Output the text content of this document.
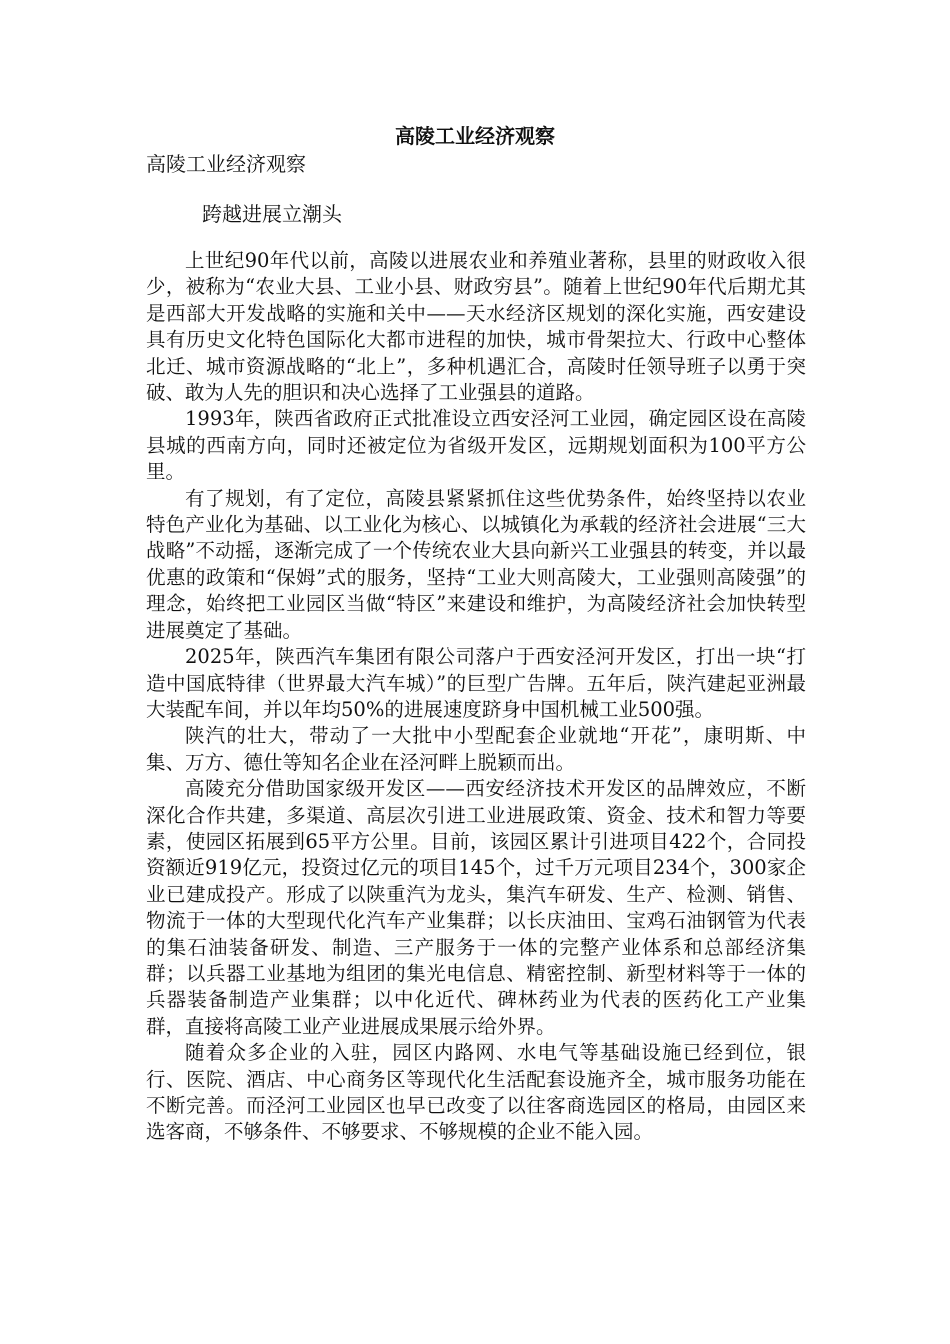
高陵工业经济观察

高陵工业经济观察

跨越进展立潮头

上世纪90年代以前，高陵以进展农业和养殖业著称，县里的财政收入很少，被称为“农业大县、工业小县、财政穷县”。随着上世纪90年代后期尤其是西部大开发战略的实施和关中——天水经济区规划的深化实施，西安建设具有历史文化特色国际化大都市进程的加快，城市骨架拉大、行政中心整体北迁、城市资源战略的“北上”，多种机遇汇合，高陵时任领导班子以勇于突破、敢为人先的胆识和决心选择了工业强县的道路。

1993年，陕西省政府正式批准设立西安泾河工业园，确定园区设在高陵县城的西南方向，同时还被定位为省级开发区，远期规划面积为100平方公里。

有了规划，有了定位，高陵县紧紧抓住这些优势条件，始终坚持以农业特色产业化为基础、以工业化为核心、以城镇化为承载的经济社会进展“三大战略”不动摇，逐渐完成了一个传统农业大县向新兴工业强县的转变，并以最优惠的政策和“保姆”式的服务，坚持“工业大则高陵大，工业强则高陵强”的理念，始终把工业园区当做“特区”来建设和维护，为高陵经济社会加快转型进展奠定了基础。

2025年，陕西汽车集团有限公司落户于西安泾河开发区，打出一块“打造中国底特律（世界最大汽车城）”的巨型广告牌。五年后，陕汽建起亚洲最大装配车间，并以年均50%的进展速度跻身中国机械工业500强。

陕汽的壮大，带动了一大批中小型配套企业就地“开花”，康明斯、中集、万方、德仕等知名企业在泾河畔上脱颖而出。

高陵充分借助国家级开发区——西安经济技术开发区的品牌效应，不断深化合作共建，多渠道、高层次引进工业进展政策、资金、技术和智力等要素，使园区拓展到65平方公里。目前，该园区累计引进项目422个，合同投资额近919亿元，投资过亿元的项目145个，过千万元项目234个，300家企业已建成投产。形成了以陕重汽为龙头，集汽车研发、生产、检测、销售、物流于一体的大型现代化汽车产业集群；以长庆油田、宝鸡石油钢管为代表的集石油装备研发、制造、三产服务于一体的完整产业体系和总部经济集群；以兵器工业基地为组团的集光电信息、精密控制、新型材料等于一体的兵器装备制造产业集群；以中化近代、碑林药业为代表的医药化工产业集群，直接将高陵工业产业进展成果展示给外界。

随着众多企业的入驻，园区内路网、水电气等基础设施已经到位，银行、医院、酒店、中心商务区等现代化生活配套设施齐全，城市服务功能在不断完善。而泾河工业园区也早已改变了以往客商选园区的格局，由园区来选客商，不够条件、不够要求、不够规模的企业不能入园。
